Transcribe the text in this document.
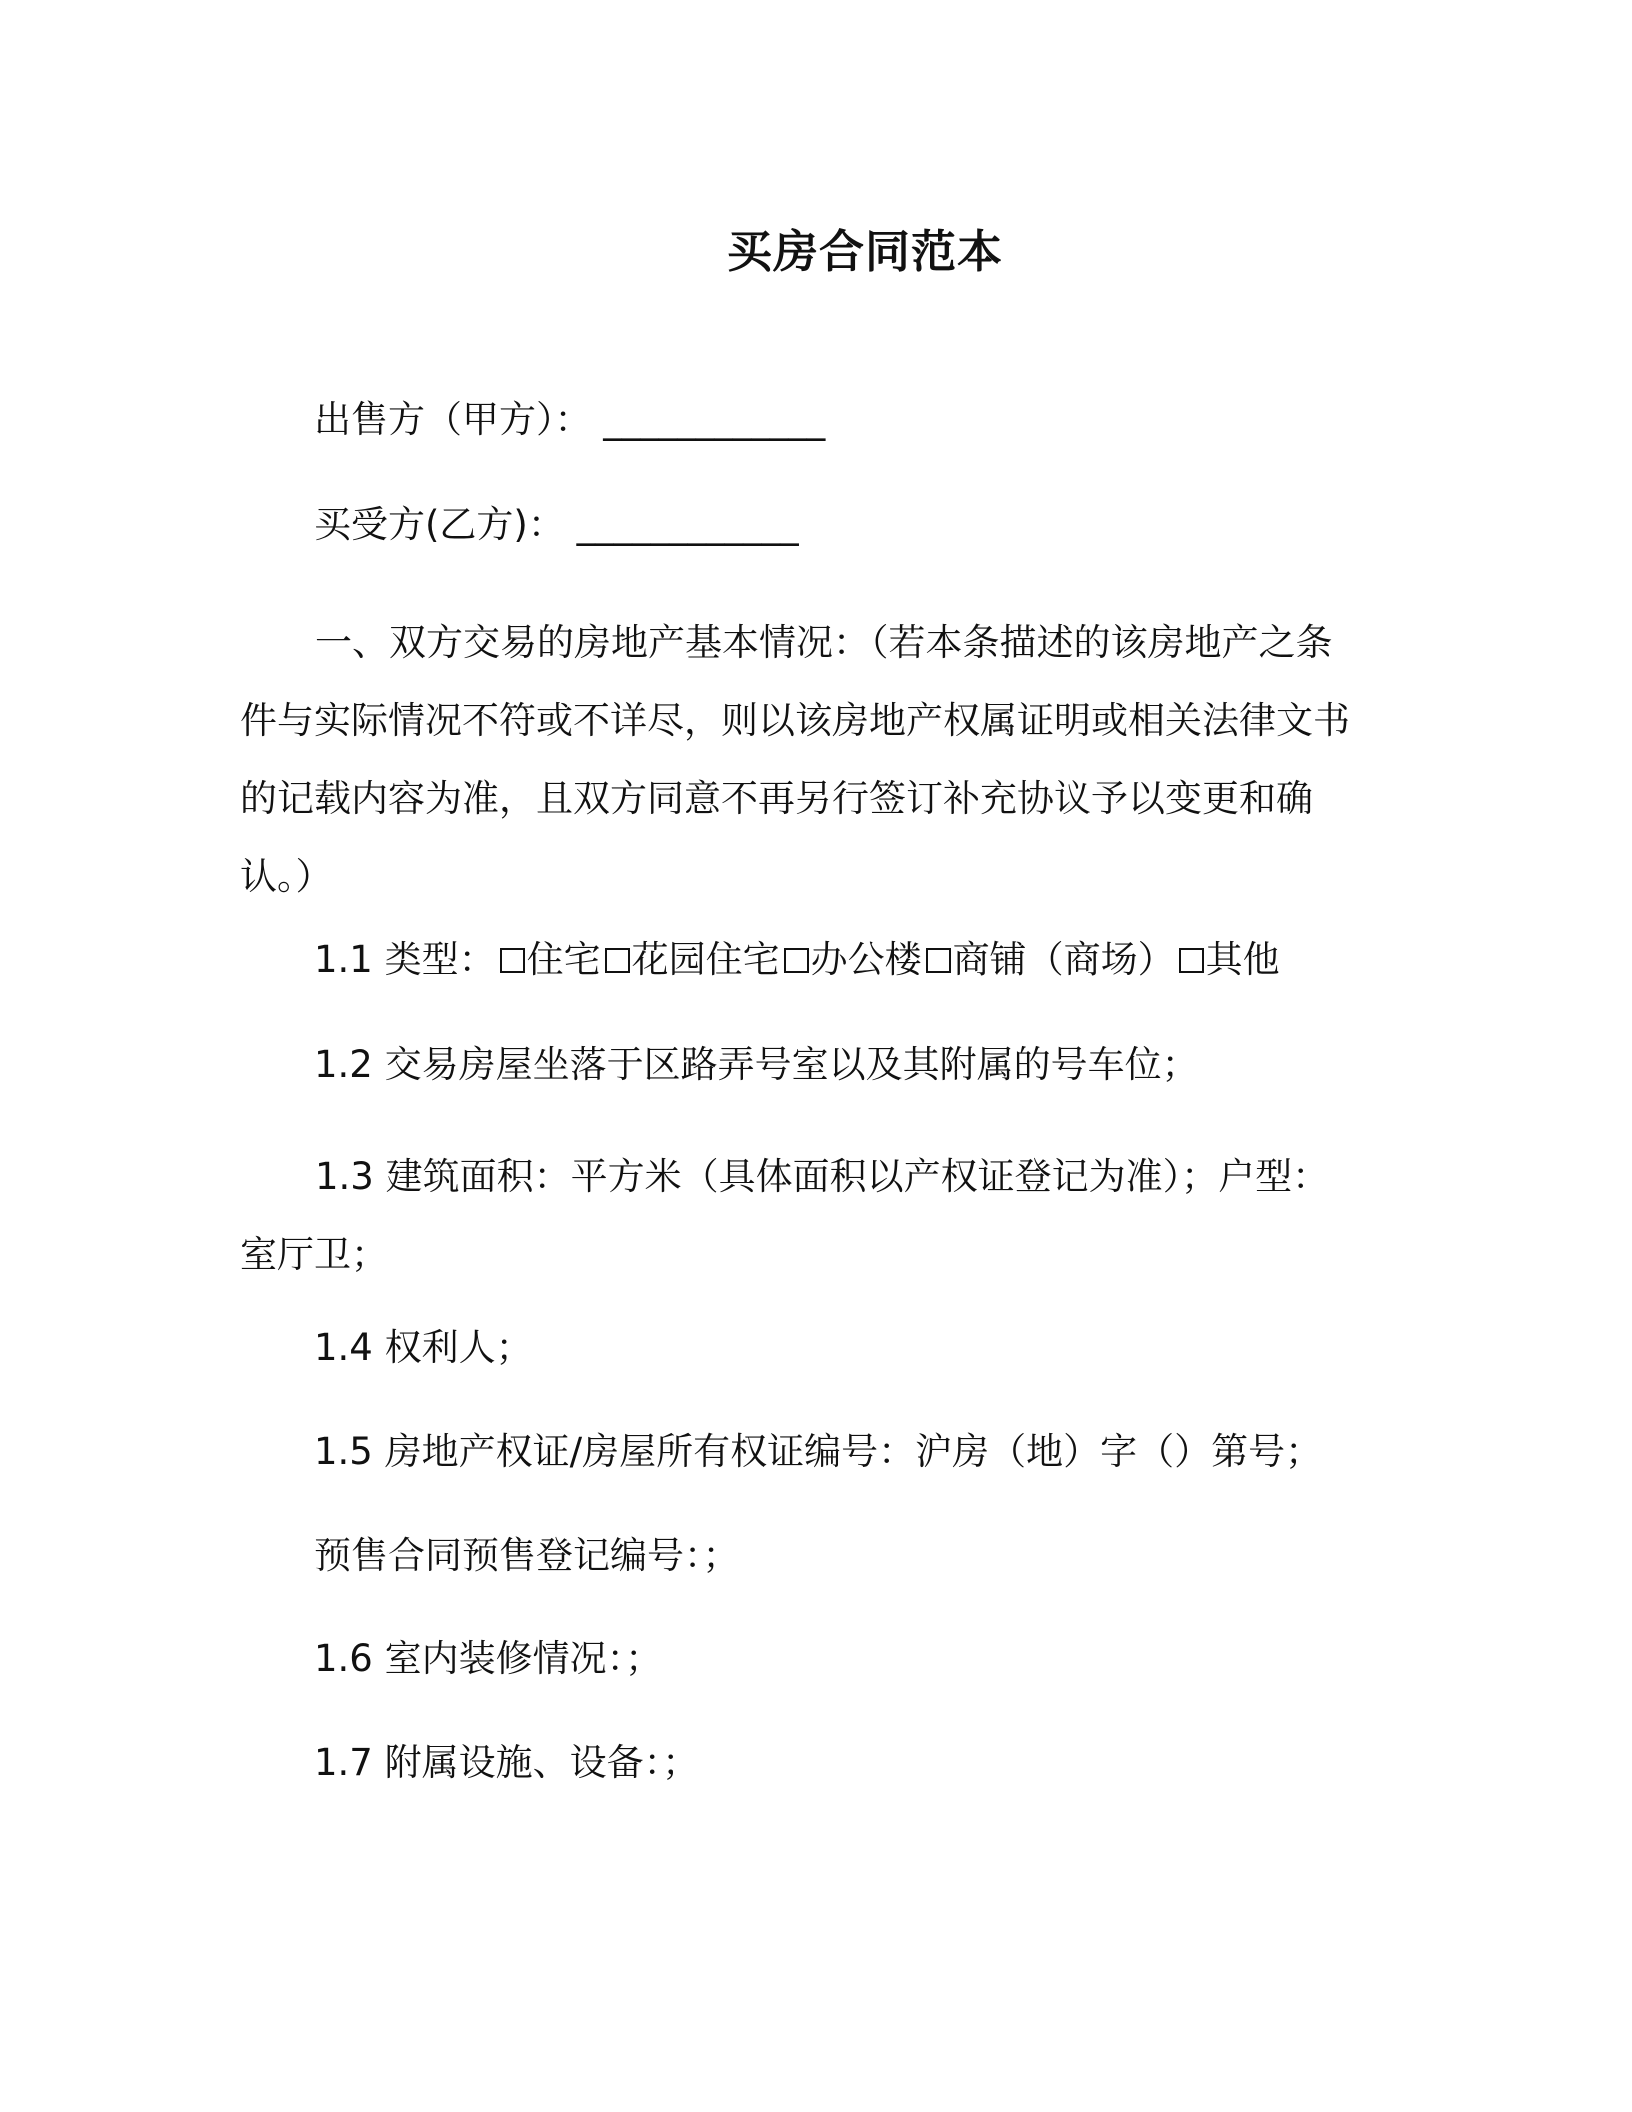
买房合同范本
出售方（甲方）： ____________
买受方(乙方)： ____________
一、双方交易的房地产基本情况：（若本条描述的该房地产之条件与实际情况不符或不详尽，则以该房地产权属证明或相关法律文书的记载内容为准，且双方同意不再另行签订补充协议予以变更和确认。）
1.1 类型： 住宅 花园住宅 办公楼 商铺（商场） 其他
1.2 交易房屋坐落于区路弄号室以及其附属的号车位；
1.3 建筑面积：平方米（具体面积以产权证登记为准）；户型：室厅卫；
1.4 权利人；
1.5 房地产权证/房屋所有权证编号：沪房（地）字（）第号；
预售合同预售登记编号：；
1.6 室内装修情况：；
1.7 附属设施、设备：；
